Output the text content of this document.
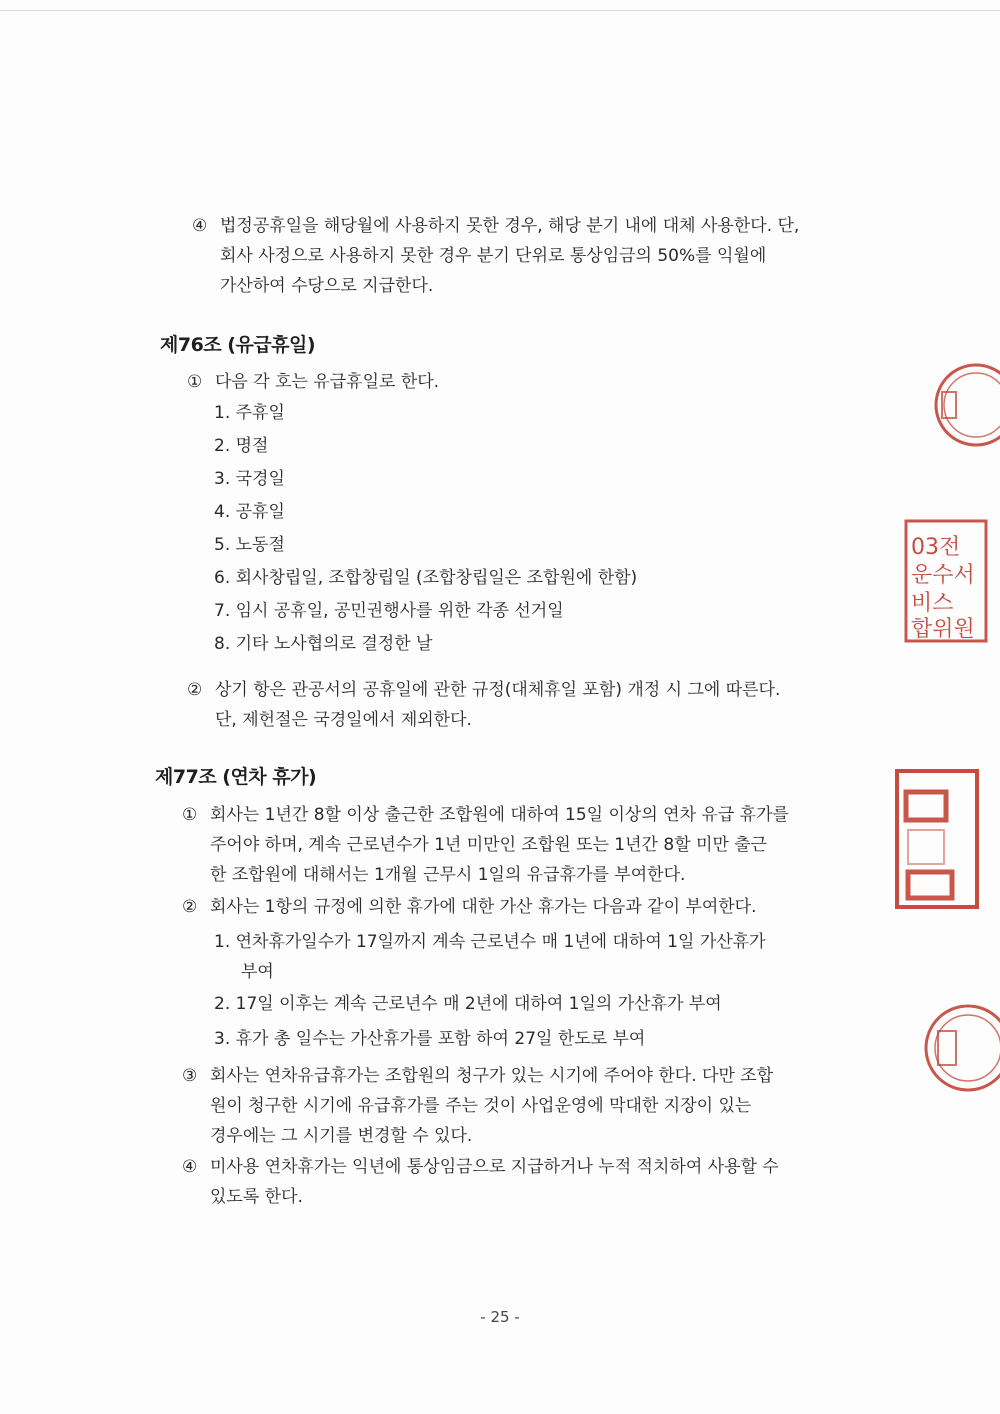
④ 법정공휴일을 해당월에 사용하지 못한 경우, 해당 분기 내에 대체 사용한다. 단,
회사 사정으로 사용하지 못한 경우 분기 단위로 통상임금의 50%를 익월에
가산하여 수당으로 지급한다.
제76조 (유급휴일)
① 다음 각 호는 유급휴일로 한다.
1. 주휴일
2. 명절
3. 국경일
4. 공휴일
5. 노동절
6. 회사창립일, 조합창립일 (조합창립일은 조합원에 한함)
7. 임시 공휴일, 공민권행사를 위한 각종 선거일
8. 기타 노사협의로 결정한 날
② 상기 항은 관공서의 공휴일에 관한 규정(대체휴일 포함) 개정 시 그에 따른다.
단, 제헌절은 국경일에서 제외한다.
제77조 (연차 휴가)
① 회사는 1년간 8할 이상 출근한 조합원에 대하여 15일 이상의 연차 유급 휴가를
주어야 하며, 계속 근로년수가 1년 미만인 조합원 또는 1년간 8할 미만 출근
한 조합원에 대해서는 1개월 근무시 1일의 유급휴가를 부여한다.
② 회사는 1항의 규정에 의한 휴가에 대한 가산 휴가는 다음과 같이 부여한다.
1. 연차휴가일수가 17일까지 계속 근로년수 매 1년에 대하여 1일 가산휴가
부여
2. 17일 이후는 계속 근로년수 매 2년에 대하여 1일의 가산휴가 부여
3. 휴가 총 일수는 가산휴가를 포함 하여 27일 한도로 부여
③ 회사는 연차유급휴가는 조합원의 청구가 있는 시기에 주어야 한다. 다만 조합
원이 청구한 시기에 유급휴가를 주는 것이 사업운영에 막대한 지장이 있는
경우에는 그 시기를 변경할 수 있다.
④ 미사용 연차휴가는 익년에 통상임금으로 지급하거나 누적 적치하여 사용할 수
있도록 한다.
- 25 -
03전
운수서
비스
합위원
